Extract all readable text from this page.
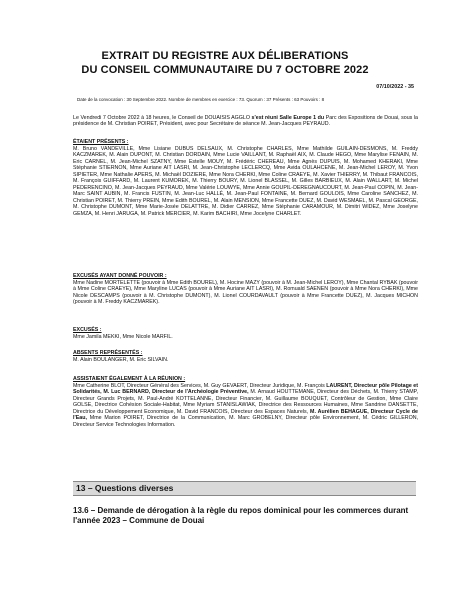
EXTRAIT DU REGISTRE AUX DÉLIBERATIONS
DU CONSEIL COMMUNAUTAIRE DU 7 OCTOBRE 2022
07/10/2022 - 35
Date de la convocation : 30 Septembre 2022. Nombre de membres en exercice : 73. Quorum : 37 Présents : 63 Pouvoirs : 8

Le Vendredi 7 Octobre 2022 à 18 heures, le Conseil de DOUAISIS AGGLO s'est réuni Salle Europe 1 du Parc des Expositions de Douai, sous la présidence de M. Christian POIRET, Président, avec pour Secrétaire de séance M. Jean-Jacques PEYRAUD.

ÉTAIENT PRÉSENTS :

M. Bruno VANDEVILLE, Mme Lisiane DUBUS DELSAUX, M. Christophe CHARLES, Mme Mathilde GUILAIN-DESMONS, M. Freddy KACZMAREK, M. Alain DUPONT, M. Christian DORDAIN, Mme Lucie VAILLANT, M. Raphaël AIX, M. Claude HEGO, Mme Marylise FENAIN, M. Eric CARNEL, M. Jean-Michel SZATNY, Mme Estelle MOUY, M. Frédéric CHEREAU, Mme Agnès DUPUIS, M. Mohamed KHERAKI, Mme Stéphanie STIERNON, Mme Auriane AIT LASRI, M. Jean-Christophe LECLERCQ, Mme Avida OULAHCENE, M. Jean-Michel LEROY, M. Yvon SIPIETER, Mme Nathalie APERS, M. Michaël DOZIERE, Mme Nora CHERKI, Mme Coline CRAEYE, M. Xavier THIERRY, M. Thibaut FRANCOIS, M. François GUIFFARD, M. Laurent KUMOREK, M. Thierry BOURY, M. Lionel BLASSEL, M. Gilles BARBIEUX, M. Alain WALLART, M. Michel PEDERENCINO, M. Jean-Jacques PEYRAUD, Mme Valérie LOUWYE, Mme Annie GOUPIL-DEREGNAUCOURT, M. Jean-Paul COPIN, M. Jean-Marc SAINT AUBIN, M. Francis FUSTIN, M. Jean-Luc HALLÉ, M. Jean-Paul FONTAINE, M. Bernard GOULOIS, Mme Caroline SANCHEZ, M. Christian POIRET, M. Thierry PREIN, Mme Edith BOUREL, M. Alain MENSION, Mme Francette DUEZ, M. David WESMAEL, M. Pascal GEORGE, M. Christophe DUMONT, Mme Marie-Josée DELATTRE, M. Didier CARREZ, Mme Stéphanie CARAMOUR, M. Dimitri WIDEZ, Mme Joselyne GEMZA, M. Henri JARUGA, M. Patrick MERCIER, M. Karim BACHIRI, Mme Jocelyne CHARLET.

EXCUSÉS AYANT DONNÉ POUVOIR :

Mme Nadine MORTELETTE (pouvoir à Mme Edith BOUREL), M. Hocine MAZY (pouvoir à M. Jean-Michel LEROY), Mme Chantal RYBAK (pouvoir à Mme Coline CRAEYE), Mme Maryline LUCAS (pouvoir à Mme Auriane AIT LASRI), M. Romuald SAENEN (pouvoir à Mme Nora CHERKI), Mme Nicole DESCAMPS (pouvoir à M. Christophe DUMONT), M. Lionel COURDAVAULT (pouvoir à Mme Francette DUEZ), M. Jacques MICHON (pouvoir à M. Freddy KACZMAREK).

EXCUSÉS :

Mme Jamila MEKKI, Mme Nicole MARFIL.

ABSENTS REPRÉSENTÉS :

M. Alain BOULANGER, M. Eric SILVAIN.

ASSISTAIENT ÉGALEMENT À LA RÉUNION :

Mme Catherine BLOT, Directeur Général des Services, M. Guy GEVAERT, Directeur Juridique, M. François LAURENT, Directeur pôle Pilotage et Solidarités, M. Luc BERNARD, Directeur de l'Archéologie Préventive, M. Arnaud HOUTTEMANE, Directeur des Déchets, M. Thierry STAMP, Directeur Grands Projets, M. Paul-André KOTTELANNE, Directeur Financier, M. Guillaume BOUQUET, Contrôleur de Gestion, Mme Claire GOLSE, Directrice Cohésion Sociale-Habitat, Mme Myriam STANISLAWIAK, Directrice des Ressources Humaines, Mme Sandrine DANSETTE, Directrice du Développement Economique, M. David FRANCOIS, Directeur des Espaces Naturels, M. Aurélien BEHAGUE, Directeur Cycle de l'Eau, Mme Marion POIRET, Directrice de la Communication, M. Marc GROBELNY, Directeur pôle Environnement, M. Cédric GILLERON, Directeur Service Technologies Information.

13 – Questions diverses
13.6 – Demande de dérogation à la règle du repos dominical pour les commerces durant l'année 2023 – Commune de Douai
